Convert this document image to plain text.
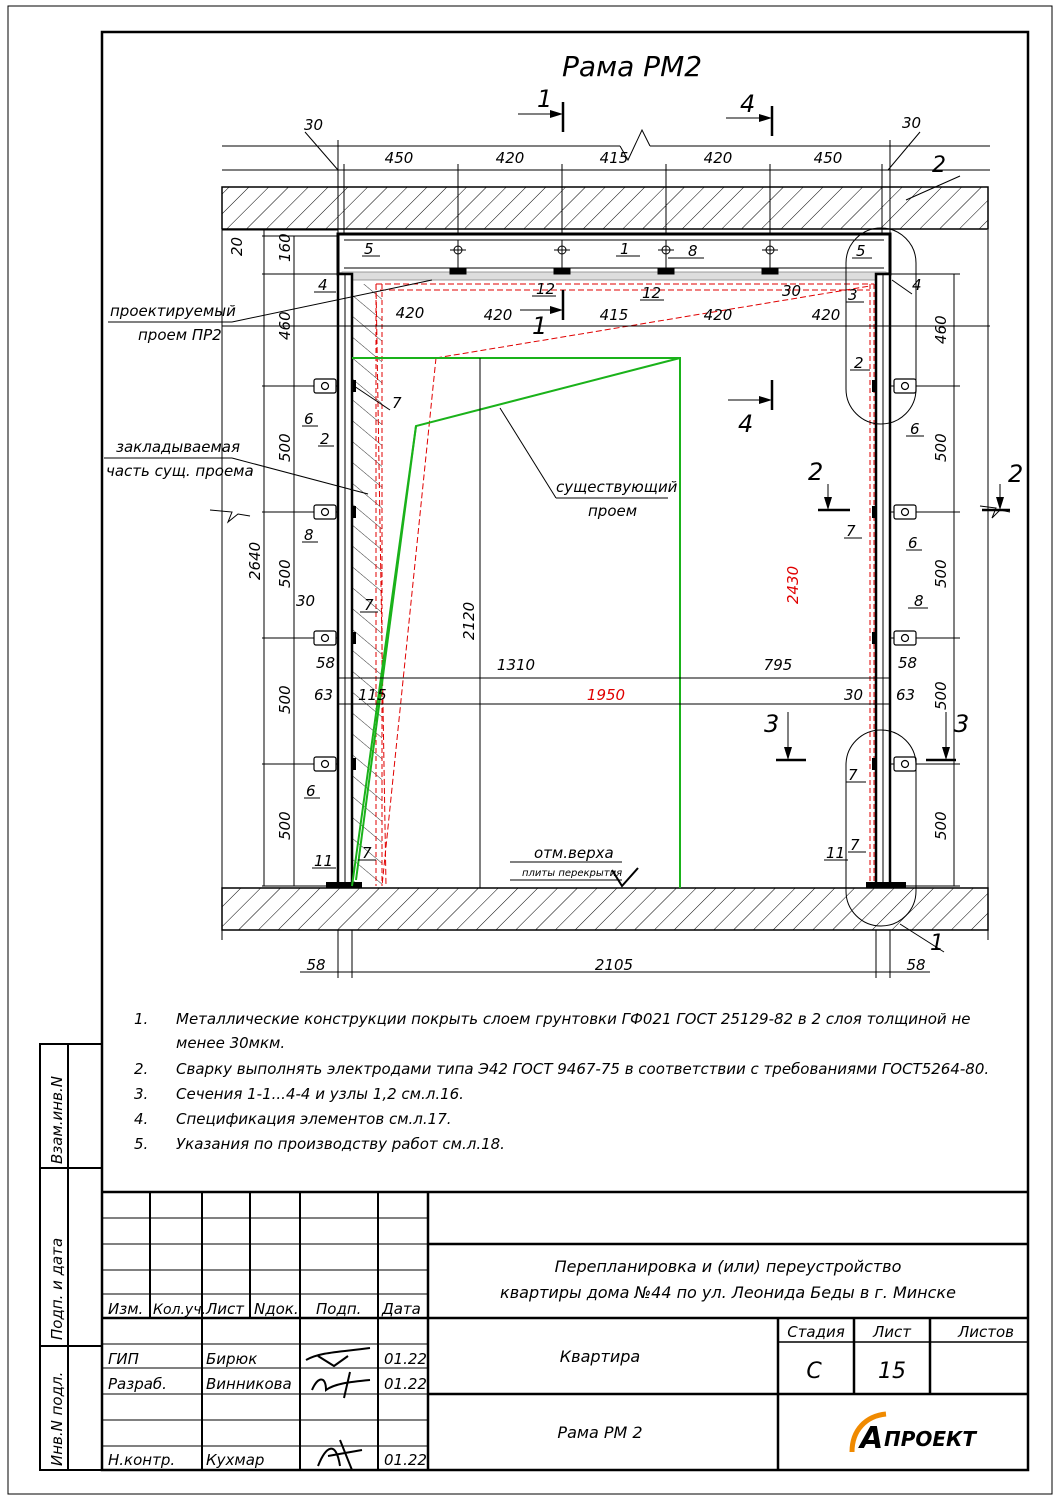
Рама РМ2
1	4
30	30
450	420	415	420	450
420	420	415	420	420
20 160
460
500
500
500
500
2640
30
58
63 115
30
460
500
500
500
500
58
63
30
1310	795
1950
2120
2430
58	2105	58
2
1
1
4
2	2
3	3
1
5	5
8
12	12
4	4
3
2
2
7
6
6
6
8
8
7
7
6
7
7
7
11	11
проектируемый
проем ПР2
закладываемая
часть сущ. проема
существующий
проем
отм.верха
плиты перекрытия
1. Металлические конструкции покрыть слоем грунтовки ГФ021 ГОСТ 25129-82 в 2 слоя толщиной не
менее 30мкм.
2. Сварку выполнять электродами типа Э42 ГОСТ 9467-75 в соответствии с требованиями ГОСТ5264-80.
3. Сечения 1-1...4-4 и узлы 1,2 см.л.16.
4. Спецификация элементов см.л.17.
5. Указания по производству работ см.л.18.
Взам.инв.N
Подп. и дата
Инв.N подл.
Изм. Кол.уч. Лист Nдок. Подп. Дата
ГИП	Бирюк	01.22
Разраб.	Винникова	01.22
Н.контр. Кухмар	01.22
Перепланировка и (или) переустройство
квартиры дома №44 по ул. Леонида Беды в г. Минске
Квартира
Рама РМ 2
Стадия Лист	Листов
С	15
А ПРОЕКТ
